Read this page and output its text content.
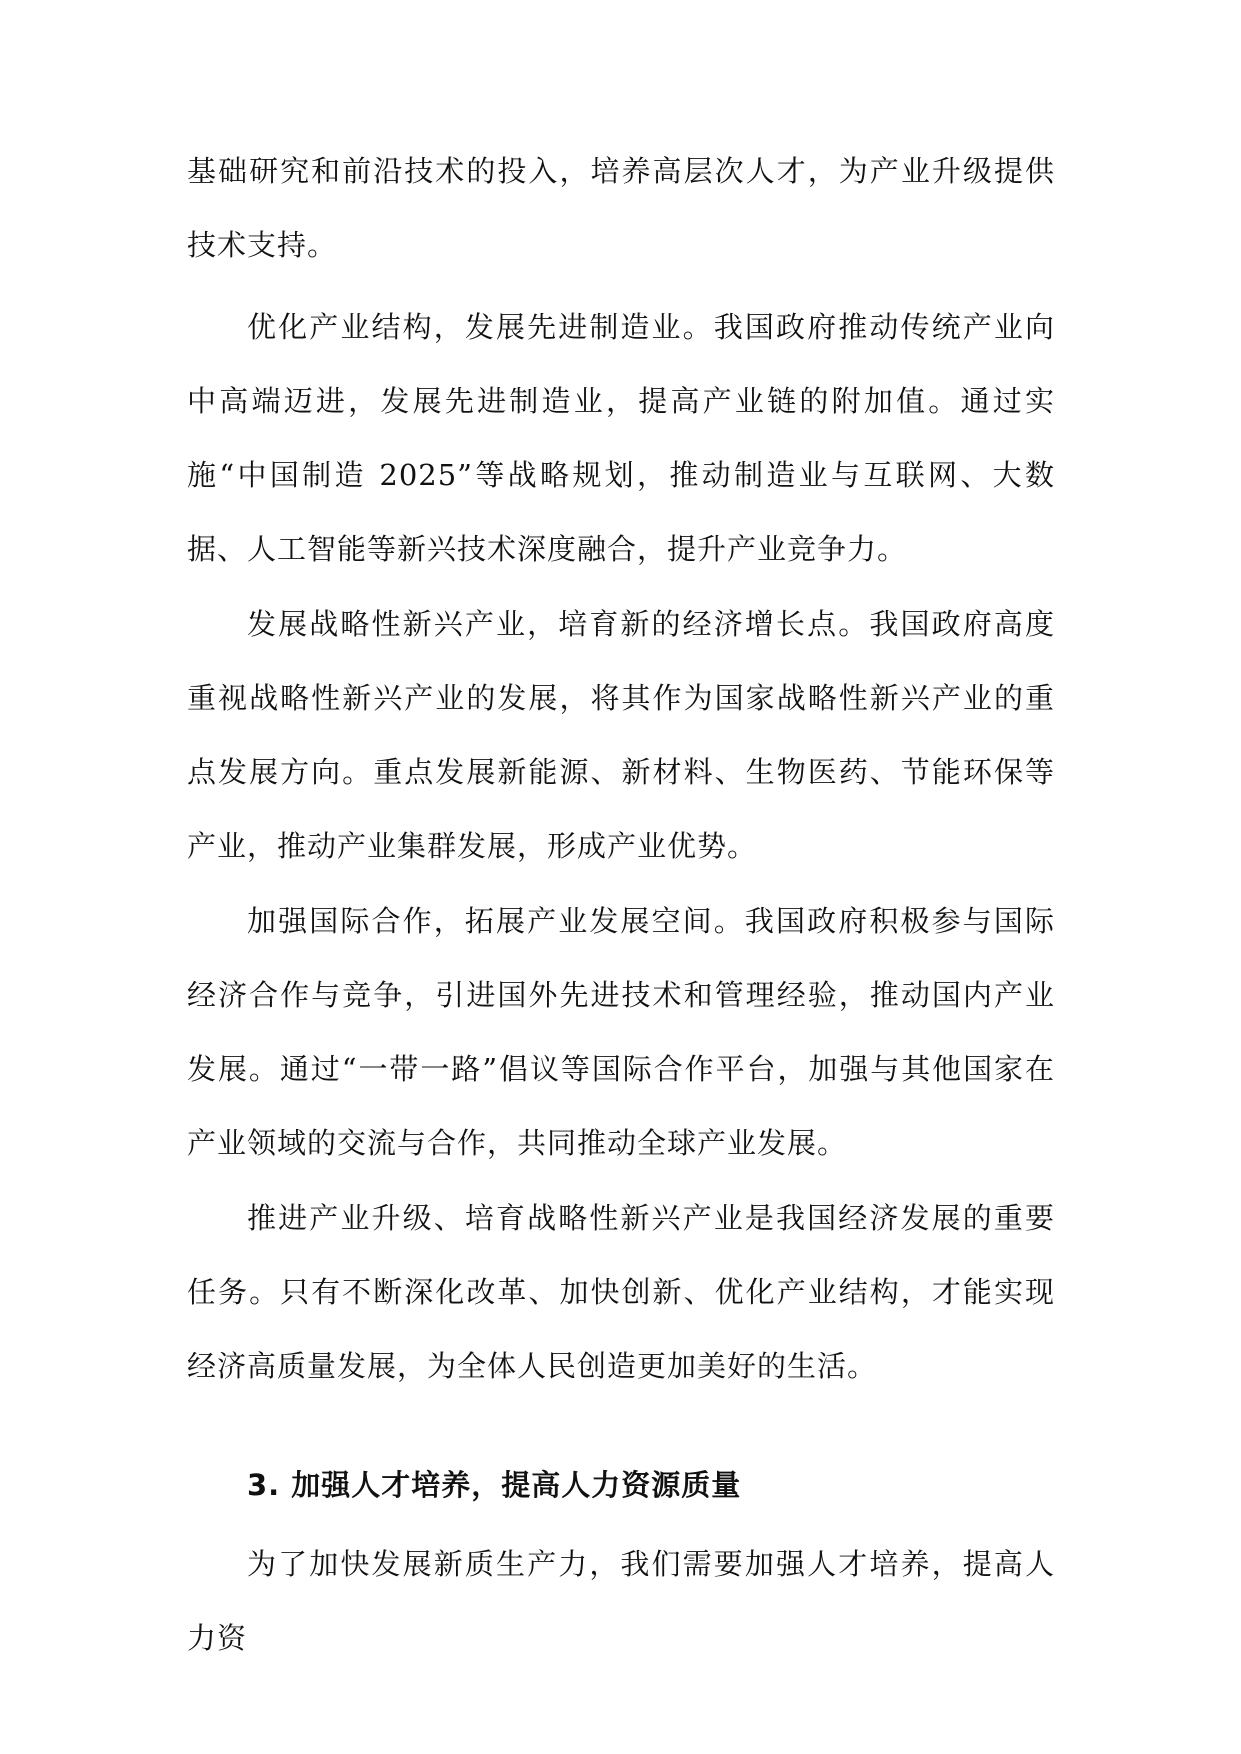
基础研究和前沿技术的投入，培养高层次人才，为产业升级提供技术支持。

优化产业结构，发展先进制造业。我国政府推动传统产业向中高端迈进，发展先进制造业，提高产业链的附加值。通过实施“中国制造 2025”等战略规划，推动制造业与互联网、大数据、人工智能等新兴技术深度融合，提升产业竞争力。

发展战略性新兴产业，培育新的经济增长点。我国政府高度重视战略性新兴产业的发展，将其作为国家战略性新兴产业的重点发展方向。重点发展新能源、新材料、生物医药、节能环保等产业，推动产业集群发展，形成产业优势。

加强国际合作，拓展产业发展空间。我国政府积极参与国际经济合作与竞争，引进国外先进技术和管理经验，推动国内产业发展。通过“一带一路”倡议等国际合作平台，加强与其他国家在产业领域的交流与合作，共同推动全球产业发展。

推进产业升级、培育战略性新兴产业是我国经济发展的重要任务。只有不断深化改革、加快创新、优化产业结构，才能实现经济高质量发展，为全体人民创造更加美好的生活。

3. 加强人才培养，提高人力资源质量

为了加快发展新质生产力，我们需要加强人才培养，提高人力资
